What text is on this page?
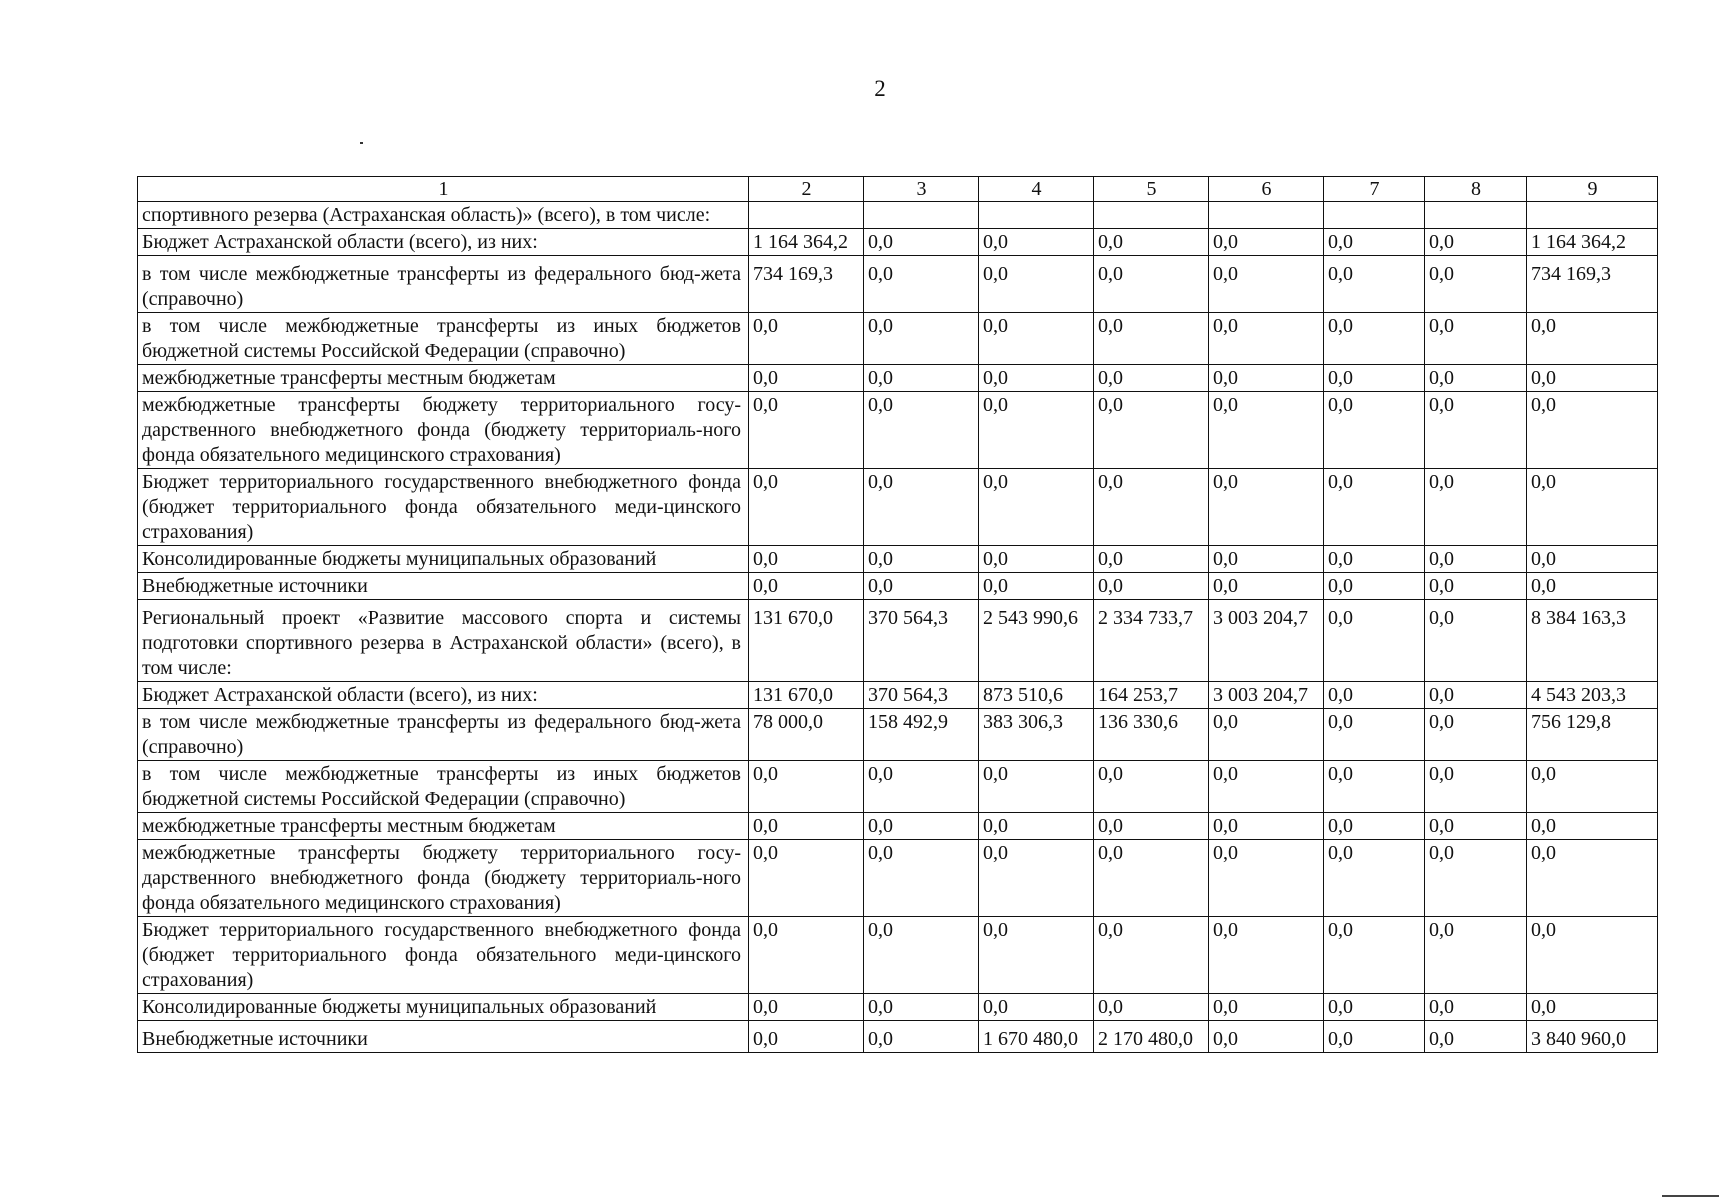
2
1	2	3	4	5	6	7	8	9
спортивного резерва (Астраханская область)» (всего), в том числе:								
Бюджет Астраханской области (всего), из них:	1 164 364,2	0,0	0,0	0,0	0,0	0,0	0,0	1 164 364,2
в том числе межбюджетные трансферты из федерального бюд-жета (справочно)	734 169,3	0,0	0,0	0,0	0,0	0,0	0,0	734 169,3
в том числе межбюджетные трансферты из иных бюджетов бюджетной системы Российской Федерации (справочно)	0,0	0,0	0,0	0,0	0,0	0,0	0,0	0,0
межбюджетные трансферты местным бюджетам	0,0	0,0	0,0	0,0	0,0	0,0	0,0	0,0
межбюджетные трансферты бюджету территориального госу-дарственного внебюджетного фонда (бюджету территориаль-ного фонда обязательного медицинского страхования)	0,0	0,0	0,0	0,0	0,0	0,0	0,0	0,0
Бюджет территориального государственного внебюджетного фонда (бюджет территориального фонда обязательного меди-цинского страхования)	0,0	0,0	0,0	0,0	0,0	0,0	0,0	0,0
Консолидированные бюджеты муниципальных образований	0,0	0,0	0,0	0,0	0,0	0,0	0,0	0,0
Внебюджетные источники	0,0	0,0	0,0	0,0	0,0	0,0	0,0	0,0
Региональный проект «Развитие массового спорта и системы подготовки спортивного резерва в Астраханской области» (всего), в том числе:	131 670,0	370 564,3	2 543 990,6	2 334 733,7	3 003 204,7	0,0	0,0	8 384 163,3
Бюджет Астраханской области (всего), из них:	131 670,0	370 564,3	873 510,6	164 253,7	3 003 204,7	0,0	0,0	4 543 203,3
в том числе межбюджетные трансферты из федерального бюд-жета (справочно)	78 000,0	158 492,9	383 306,3	136 330,6	0,0	0,0	0,0	756 129,8
в том числе межбюджетные трансферты из иных бюджетов бюджетной системы Российской Федерации (справочно)	0,0	0,0	0,0	0,0	0,0	0,0	0,0	0,0
межбюджетные трансферты местным бюджетам	0,0	0,0	0,0	0,0	0,0	0,0	0,0	0,0
межбюджетные трансферты бюджету территориального госу-дарственного внебюджетного фонда (бюджету территориаль-ного фонда обязательного медицинского страхования)	0,0	0,0	0,0	0,0	0,0	0,0	0,0	0,0
Бюджет территориального государственного внебюджетного фонда (бюджет территориального фонда обязательного меди-цинского страхования)	0,0	0,0	0,0	0,0	0,0	0,0	0,0	0,0
Консолидированные бюджеты муниципальных образований	0,0	0,0	0,0	0,0	0,0	0,0	0,0	0,0
Внебюджетные источники	0,0	0,0	1 670 480,0	2 170 480,0	0,0	0,0	0,0	3 840 960,0
